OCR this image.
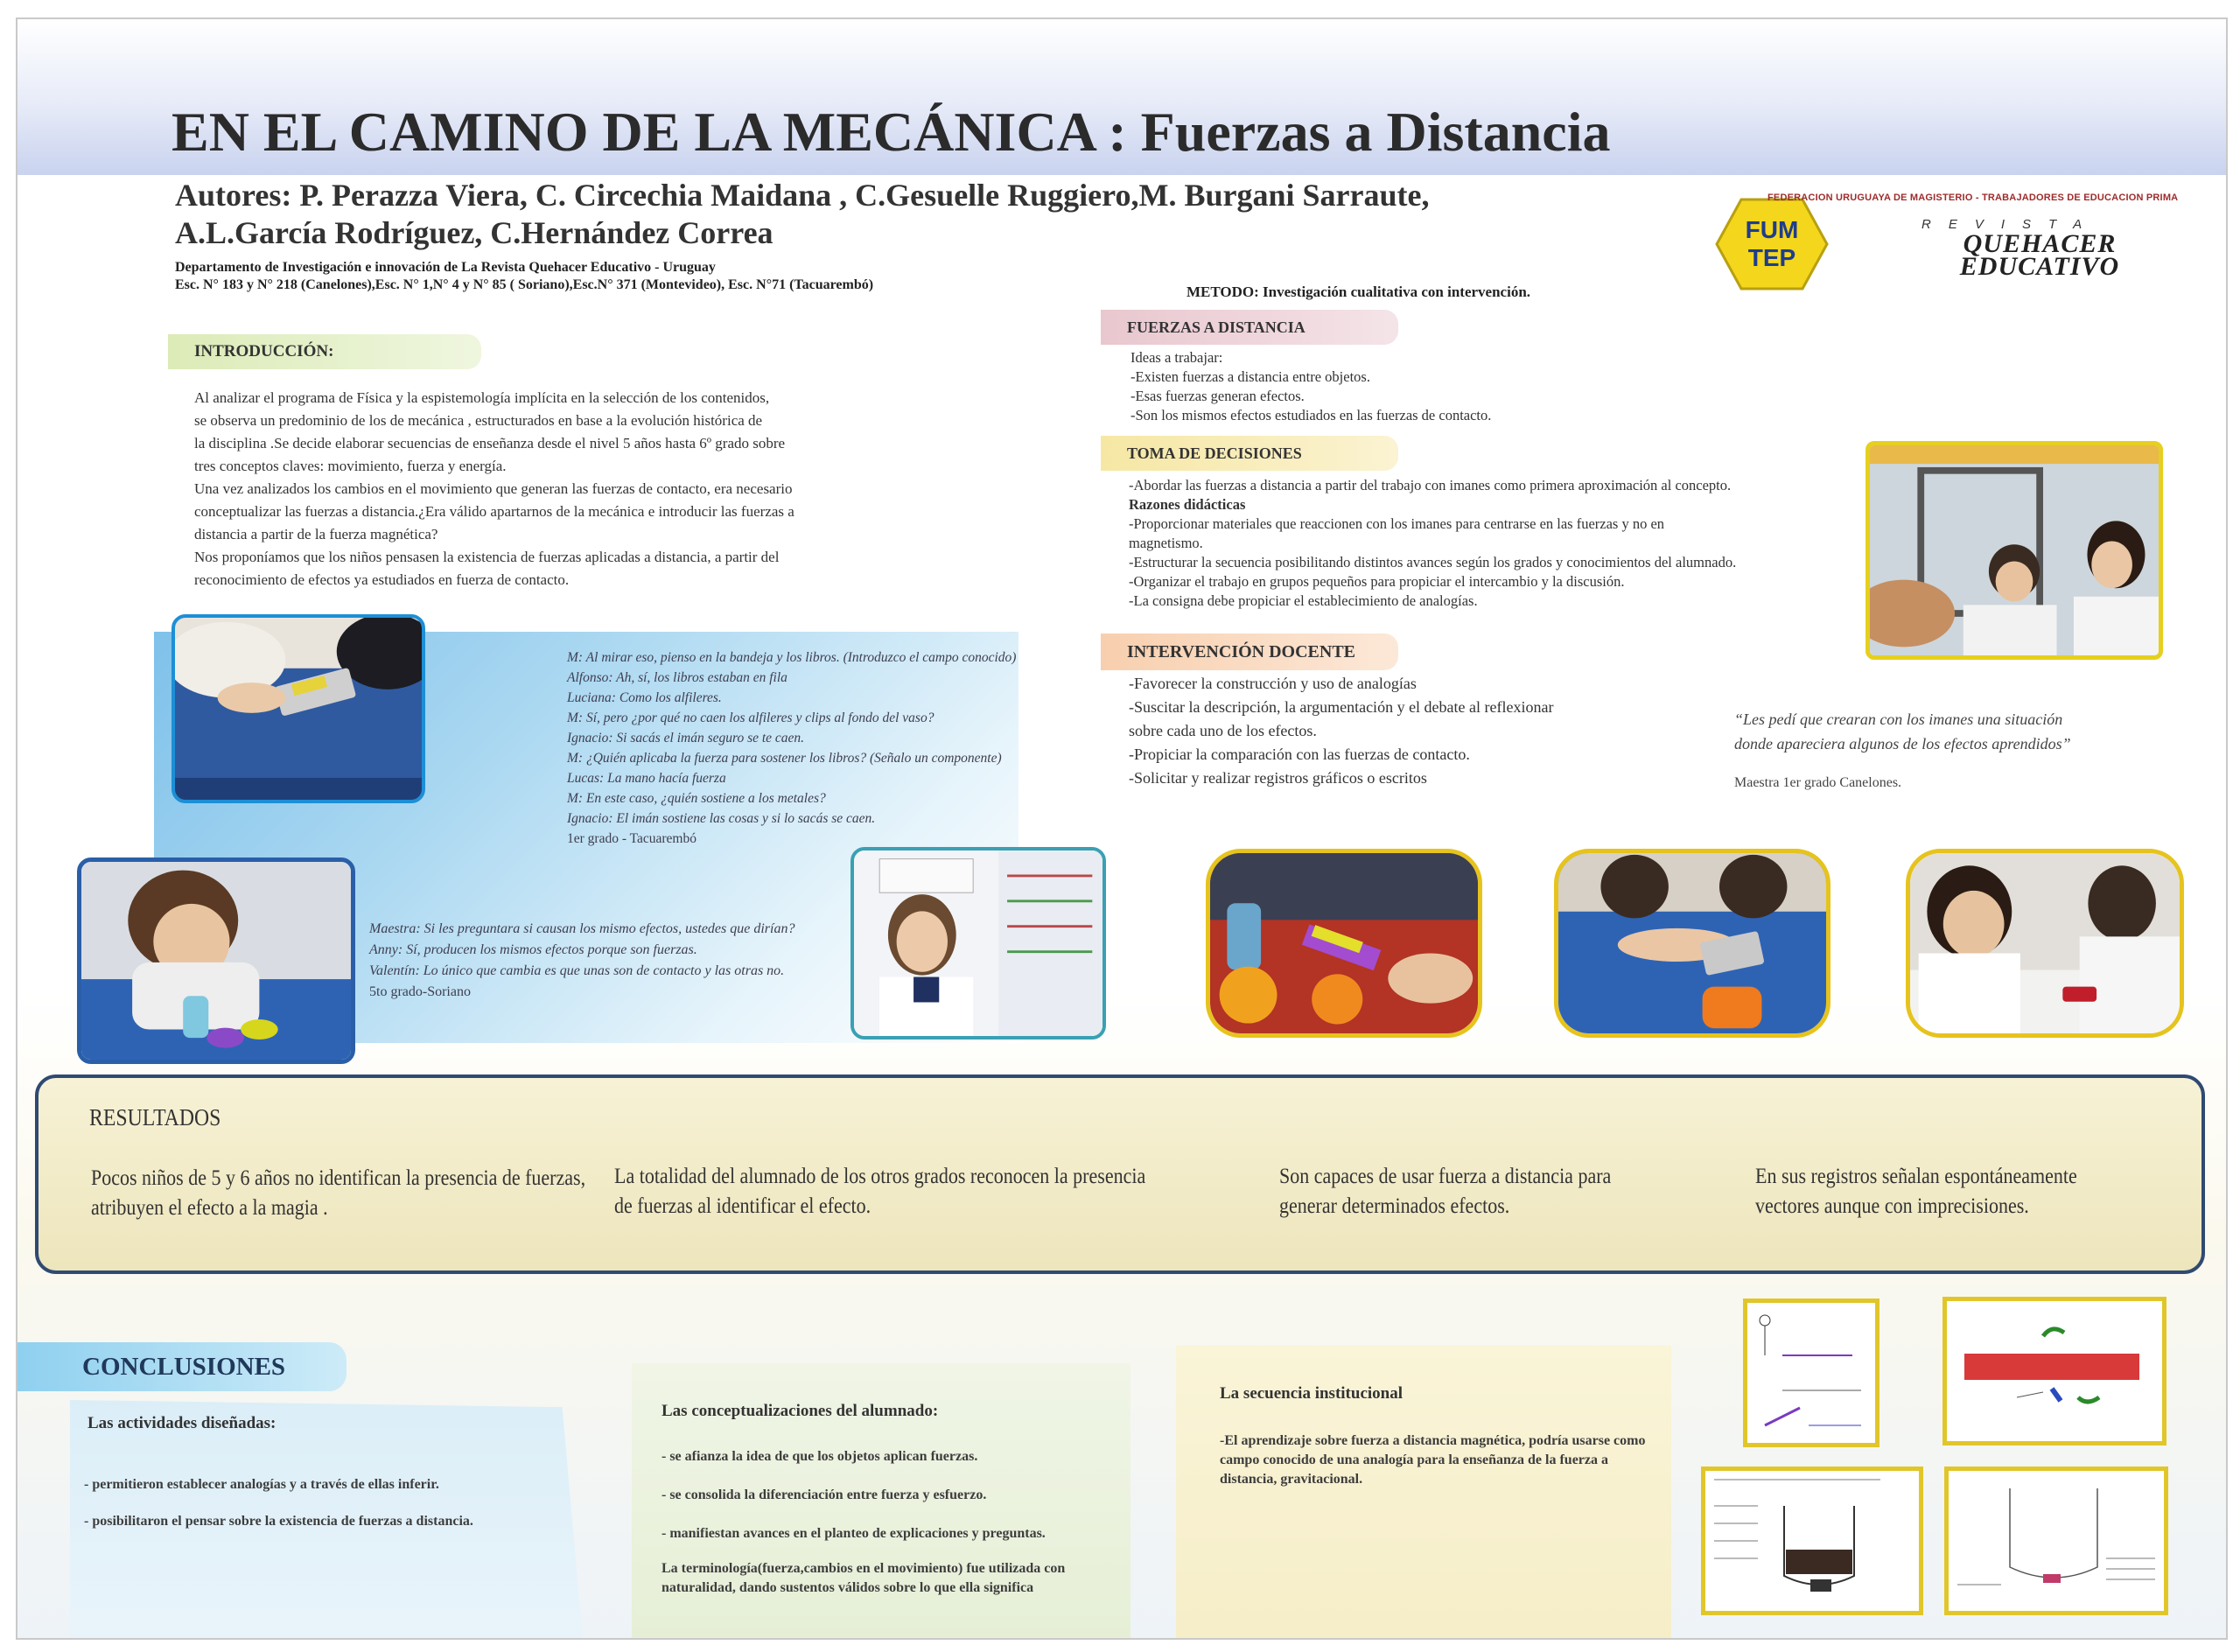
EN EL CAMINO DE LA MECÁNICA : Fuerzas a Distancia
Autores: P. Perazza Viera, C. Circechia Maidana , C.Gesuelle Ruggiero,M. Burgani Sarraute,
A.L.García Rodríguez, C.Hernández Correa
Departamento de Investigación e innovación de La Revista Quehacer Educativo - Uruguay
Esc. N° 183 y N° 218 (Canelones),Esc. N° 1,N° 4 y N° 85 ( Soriano),Esc.N° 371 (Montevideo), Esc. N°71 (Tacuarembó)	METODO: Investigación cualitativa con intervención.
FUM
TEP
FEDERACION URUGUAYA DE MAGISTERIO - TRABAJADORES DE EDUCACION PRIMA
REVISTA
QUEHACER
EDUCATIVO
INTRODUCCIÓN:

Al analizar el programa de Física y la espistemología implícita en la selección de los contenidos,

se observa un predominio de los de mecánica , estructurados en base a la evolución histórica de

la disciplina .Se decide elaborar secuencias de enseñanza desde el nivel 5 años hasta 6º grado sobre

tres conceptos claves: movimiento, fuerza y energía.

Una vez analizados los cambios en el movimiento que generan las fuerzas de contacto, era necesario

conceptualizar las fuerzas a distancia.¿Era válido apartarnos de la mecánica e introducir las fuerzas a

distancia a partir de la fuerza magnética?

Nos proponíamos que los niños pensasen la existencia de fuerzas aplicadas a distancia, a partir del

reconocimiento de efectos ya estudiados en fuerza de contacto.

M: Al mirar eso, pienso en la bandeja y los libros. (Introduzco el campo conocido)
Alfonso: Ah, sí, los libros estaban en fila
Luciana: Como los alfileres.
M: Sí, pero ¿por qué no caen los alfileres y clips al fondo del vaso?
Ignacio: Si sacás el imán seguro se te caen.
M: ¿Quién aplicaba la fuerza para sostener los libros? (Señalo un componente)
Lucas: La mano hacía fuerza
M: En este caso, ¿quién sostiene a los metales?
Ignacio: El imán sostiene las cosas y si lo sacás se caen.
1er grado - Tacuarembó
Maestra: Si les preguntara si causan los mismo efectos, ustedes que dirían?
Anny: Sí, producen los mismos efectos porque son fuerzas.
Valentín: Lo único que cambia es que unas son de contacto y las otras no.
5to grado-Soriano
FUERZAS A DISTANCIA
Ideas a trabajar:
-Existen fuerzas a distancia entre objetos.
-Esas fuerzas generan efectos.
-Son los mismos efectos estudiados en las fuerzas de contacto.
TOMA DE DECISIONES
-Abordar las fuerzas a distancia a partir del trabajo con imanes como primera aproximación al concepto.
Razones didácticas
-Proporcionar materiales que reaccionen con los imanes para centrarse en las fuerzas y no en
magnetismo.
-Estructurar la secuencia posibilitando distintos avances según los grados y conocimientos del alumnado.
-Organizar el trabajo en grupos pequeños para propiciar el intercambio y la discusión.
-La consigna debe propiciar el establecimiento de analogías.
INTERVENCIÓN DOCENTE
-Favorecer la construcción y uso de analogías
-Suscitar la descripción, la argumentación y el debate al reflexionar
sobre cada uno de los efectos.
-Propiciar la comparación con las fuerzas de contacto.
-Solicitar y realizar registros gráficos o escritos
“Les pedí que crearan con los imanes una situación
donde apareciera algunos de los efectos aprendidos”
Maestra 1er grado Canelones.
RESULTADOS
Pocos niños de 5 y 6 años no identifican la presencia de fuerzas, atribuyen el efecto a la magia .
La totalidad del alumnado de los otros grados reconocen la presencia de fuerzas al identificar el efecto.
Son capaces de usar fuerza a distancia para generar determinados efectos.
En sus registros señalan espontáneamente vectores aunque con imprecisiones.
CONCLUSIONES
Las actividades diseñadas:
- permitieron establecer analogías y a través de ellas inferir.
- posibilitaron el pensar sobre la existencia de fuerzas a distancia.
Las conceptualizaciones del alumnado:
- se afianza la idea de que los objetos aplican fuerzas.
- se consolida la diferenciación entre fuerza y esfuerzo.
- manifiestan avances en el planteo de explicaciones y preguntas.
La terminología(fuerza,cambios en el movimiento) fue utilizada con naturalidad, dando sustentos válidos sobre lo que ella significa
La secuencia institucional
-El aprendizaje sobre fuerza a distancia magnética, podría usarse como campo conocido de una analogía para la enseñanza de la fuerza a distancia, gravitacional.
